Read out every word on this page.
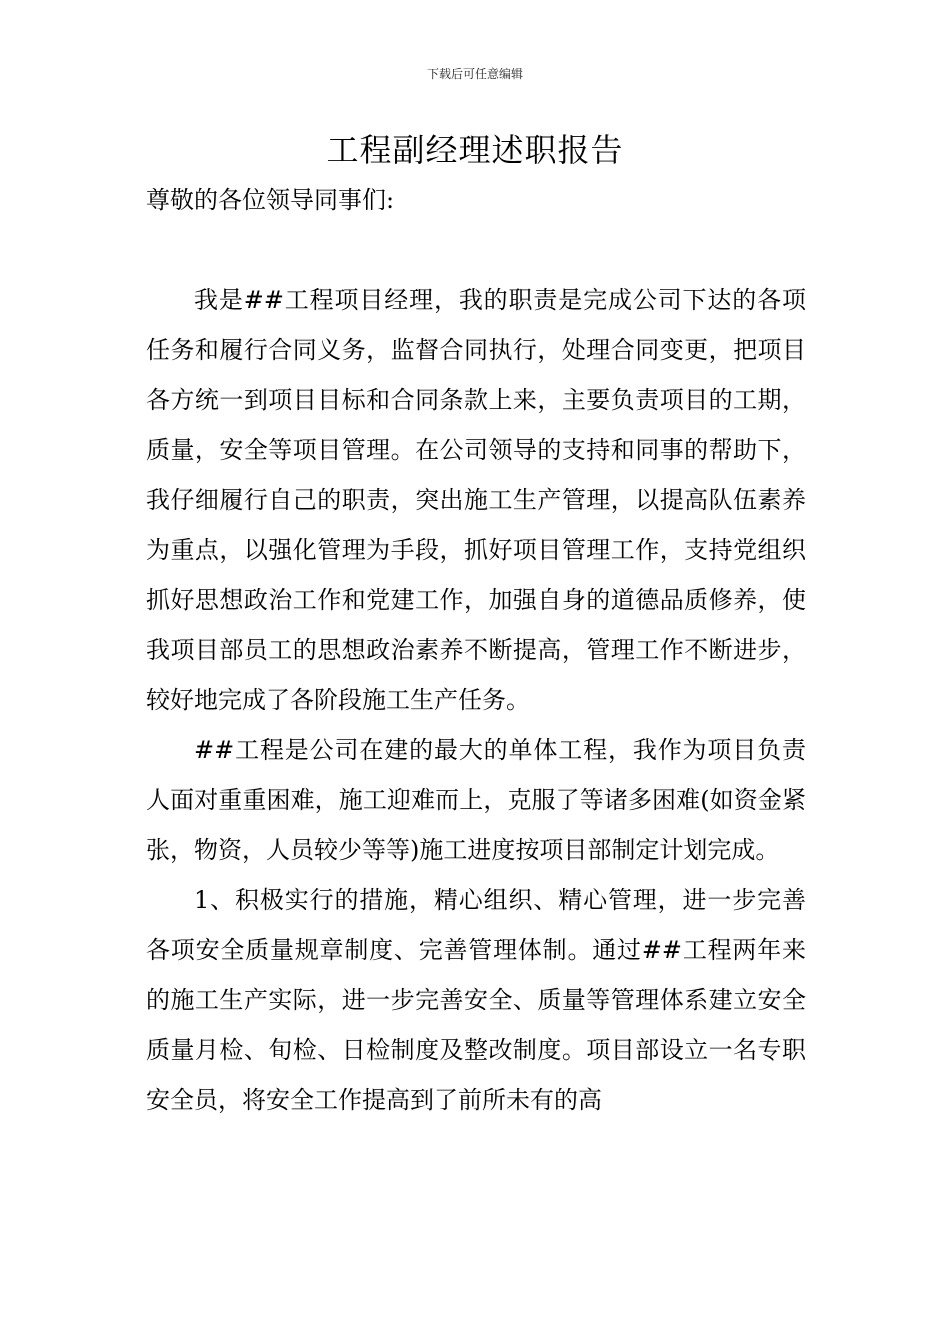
下载后可任意编辑
工程副经理述职报告

尊敬的各位领导同事们:

我是##工程项目经理，我的职责是完成公司下达的各项任务和履行合同义务，监督合同执行，处理合同变更，把项目各方统一到项目目标和合同条款上来，主要负责项目的工期，质量，安全等项目管理。在公司领导的支持和同事的帮助下，我仔细履行自己的职责，突出施工生产管理，以提高队伍素养为重点，以强化管理为手段，抓好项目管理工作，支持党组织抓好思想政治工作和党建工作，加强自身的道德品质修养，使我项目部员工的思想政治素养不断提高，管理工作不断进步，较好地完成了各阶段施工生产任务。

##工程是公司在建的最大的单体工程，我作为项目负责人面对重重困难，施工迎难而上，克服了等诸多困难(如资金紧张，物资，人员较少等等)施工进度按项目部制定计划完成。

1、积极实行的措施，精心组织、精心管理，进一步完善各项安全质量规章制度、完善管理体制。通过##工程两年来的施工生产实际，进一步完善安全、质量等管理体系建立安全质量月检、旬检、日检制度及整改制度。项目部设立一名专职安全员，将安全工作提高到了前所未有的高
